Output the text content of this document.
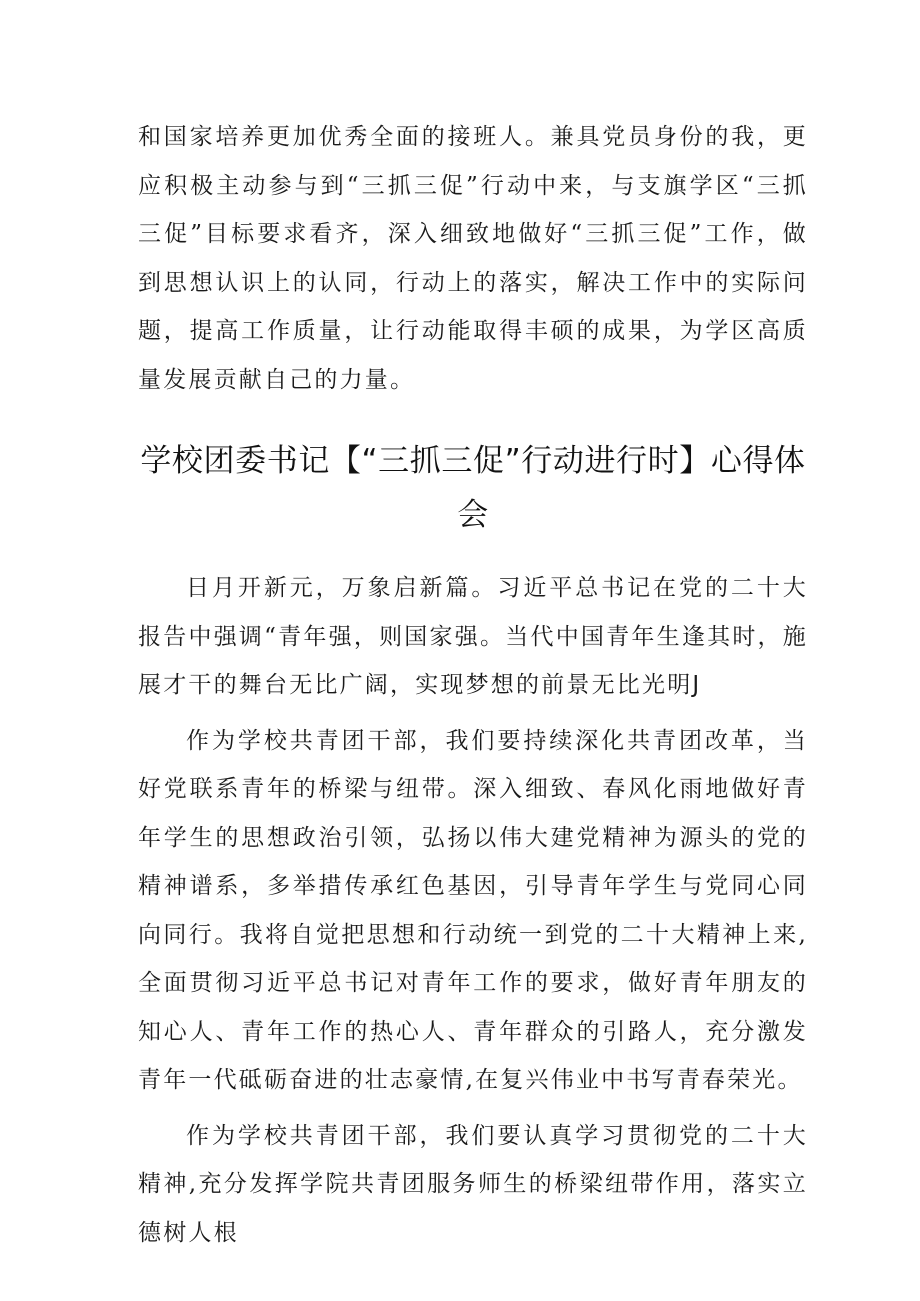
和国家培养更加优秀全面的接班人。兼具党员身份的我，更应积极主动参与到“三抓三促”行动中来，与支旗学区“三抓三促”目标要求看齐，深入细致地做好“三抓三促”工作，做到思想认识上的认同，行动上的落实，解决工作中的实际问题，提高工作质量，让行动能取得丰硕的成果，为学区高质量发展贡献自己的力量。

学校团委书记【“三抓三促”行动进行时】心得体会

日月开新元，万象启新篇。习近平总书记在党的二十大报告中强调“青年强，则国家强。当代中国青年生逢其时，施展才干的舞台无比广阔，实现梦想的前景无比光明J

作为学校共青团干部，我们要持续深化共青团改革，当好党联系青年的桥梁与纽带。深入细致、春风化雨地做好青年学生的思想政治引领，弘扬以伟大建党精神为源头的党的精神谱系，多举措传承红色基因，引导青年学生与党同心同向同行。我将自觉把思想和行动统一到党的二十大精神上来,全面贯彻习近平总书记对青年工作的要求，做好青年朋友的知心人、青年工作的热心人、青年群众的引路人，充分激发青年一代砥砺奋进的壮志豪情,在复兴伟业中书写青春荣光。

作为学校共青团干部，我们要认真学习贯彻党的二十大精神,充分发挥学院共青团服务师生的桥梁纽带作用，落实立德树人根
